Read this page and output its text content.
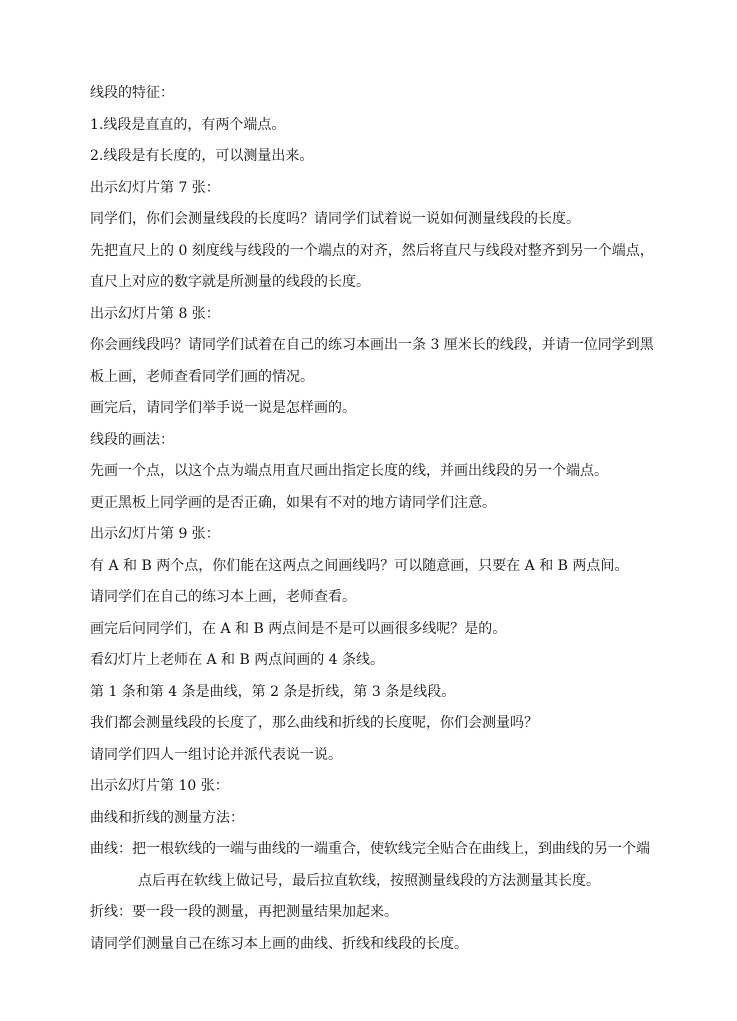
线段的特征：
1.线段是直直的，有两个端点。
2.线段是有长度的，可以测量出来。
出示幻灯片第 7 张：
同学们，你们会测量线段的长度吗？请同学们试着说一说如何测量线段的长度。
先把直尺上的 0 刻度线与线段的一个端点的对齐，然后将直尺与线段对整齐到另一个端点，
直尺上对应的数字就是所测量的线段的长度。
出示幻灯片第 8 张：
你会画线段吗？请同学们试着在自己的练习本画出一条 3 厘米长的线段，并请一位同学到黑
板上画，老师查看同学们画的情况。
画完后，请同学们举手说一说是怎样画的。
线段的画法：
先画一个点，以这个点为端点用直尺画出指定长度的线，并画出线段的另一个端点。
更正黑板上同学画的是否正确，如果有不对的地方请同学们注意。
出示幻灯片第 9 张：
有 A 和 B 两个点，你们能在这两点之间画线吗？可以随意画，只要在 A 和 B 两点间。
请同学们在自己的练习本上画，老师查看。
画完后问同学们，在 A 和 B 两点间是不是可以画很多线呢？是的。
看幻灯片上老师在 A 和 B 两点间画的 4 条线。
第 1 条和第 4 条是曲线，第 2 条是折线，第 3 条是线段。
我们都会测量线段的长度了，那么曲线和折线的长度呢，你们会测量吗？
请同学们四人一组讨论并派代表说一说。
出示幻灯片第 10 张：
曲线和折线的测量方法：
曲线：把一根软线的一端与曲线的一端重合，使软线完全贴合在曲线上，到曲线的另一个端
点后再在软线上做记号，最后拉直软线，按照测量线段的方法测量其长度。
折线：要一段一段的测量，再把测量结果加起来。
请同学们测量自己在练习本上画的曲线、折线和线段的长度。
